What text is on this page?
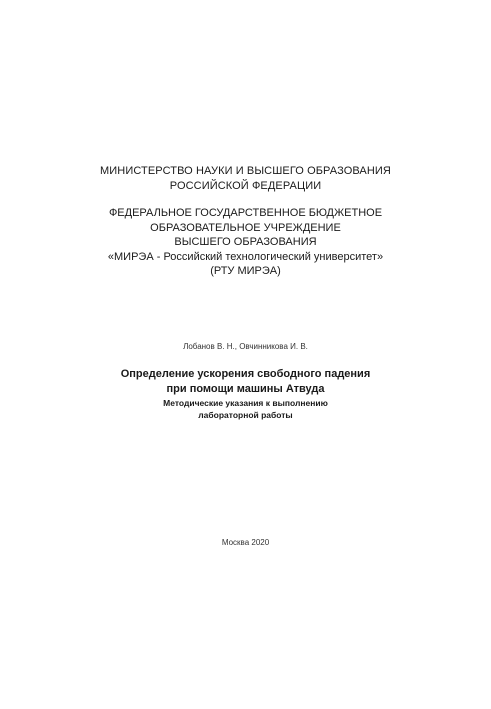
МИНИСТЕРСТВО НАУКИ И ВЫСШЕГО ОБРАЗОВАНИЯ
РОССИЙСКОЙ ФЕДЕРАЦИИ
ФЕДЕРАЛЬНОЕ ГОСУДАРСТВЕННОЕ БЮДЖЕТНОЕ
ОБРАЗОВАТЕЛЬНОЕ УЧРЕЖДЕНИЕ
ВЫСШЕГО ОБРАЗОВАНИЯ
«МИРЭА - Российский технологический университет»
(РТУ МИРЭА)
Лобанов В. Н., Овчинникова И. В.
Определение ускорения свободного падения
при помощи машины Атвуда
Методические указания к выполнению
лабораторной работы
Москва 2020
